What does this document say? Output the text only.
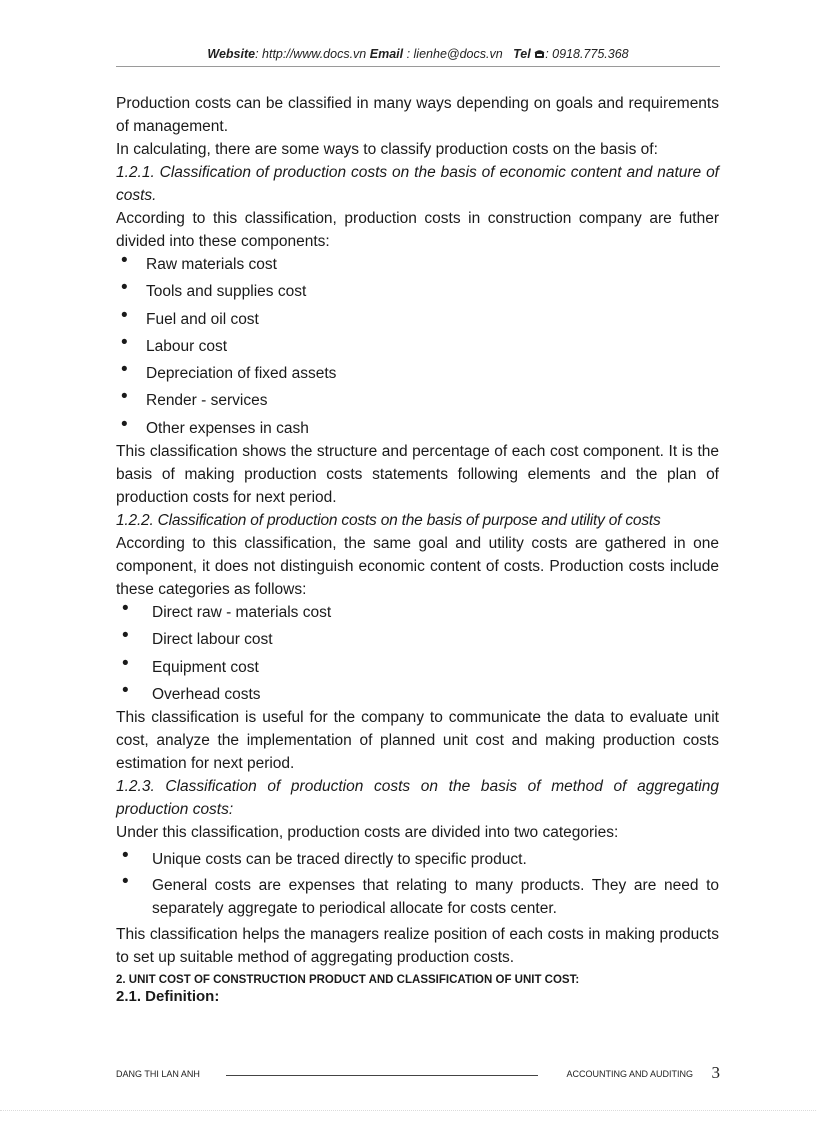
Website: http://www.docs.vn Email : lienhe@docs.vn Tel : 0918.775.368

Production costs can be classified in many ways depending on goals and requirements of management.

In calculating, there are some ways to classify production costs on the basis of:

1.2.1. Classification of production costs on the basis of economic content and nature of costs.

According to this classification, production costs in construction company are futher divided into these components:

• Raw materials cost
• Tools and supplies cost
• Fuel and oil cost
• Labour cost
• Depreciation of fixed assets
• Render - services
• Other expenses in cash

This classification shows the structure and percentage of each cost component. It is the basis of making production costs statements following elements and the plan of production costs for next period.

1.2.2. Classification of production costs on the basis of purpose and utility of costs

According to this classification, the same goal and utility costs are gathered in one component, it does not distinguish economic content of costs. Production costs include these categories as follows:

• Direct raw - materials cost
• Direct labour cost
• Equipment cost
• Overhead costs

This classification is useful for the company to communicate the data to evaluate unit cost, analyze the implementation of planned unit cost and making production costs estimation for next period.

1.2.3. Classification of production costs on the basis of method of aggregating production costs:

Under this classification, production costs are divided into two categories:

• Unique costs can be traced directly to specific product.
• General costs are expenses that relating to many products. They are need to separately aggregate to periodical allocate for costs center.

This classification helps the managers realize position of each costs in making products to set up suitable method of aggregating production costs.

2. UNIT COST OF CONSTRUCTION PRODUCT AND CLASSIFICATION OF UNIT COST:

2.1. Definition:

DANG THI LAN ANH	ACCOUNTING AND AUDITING 3
